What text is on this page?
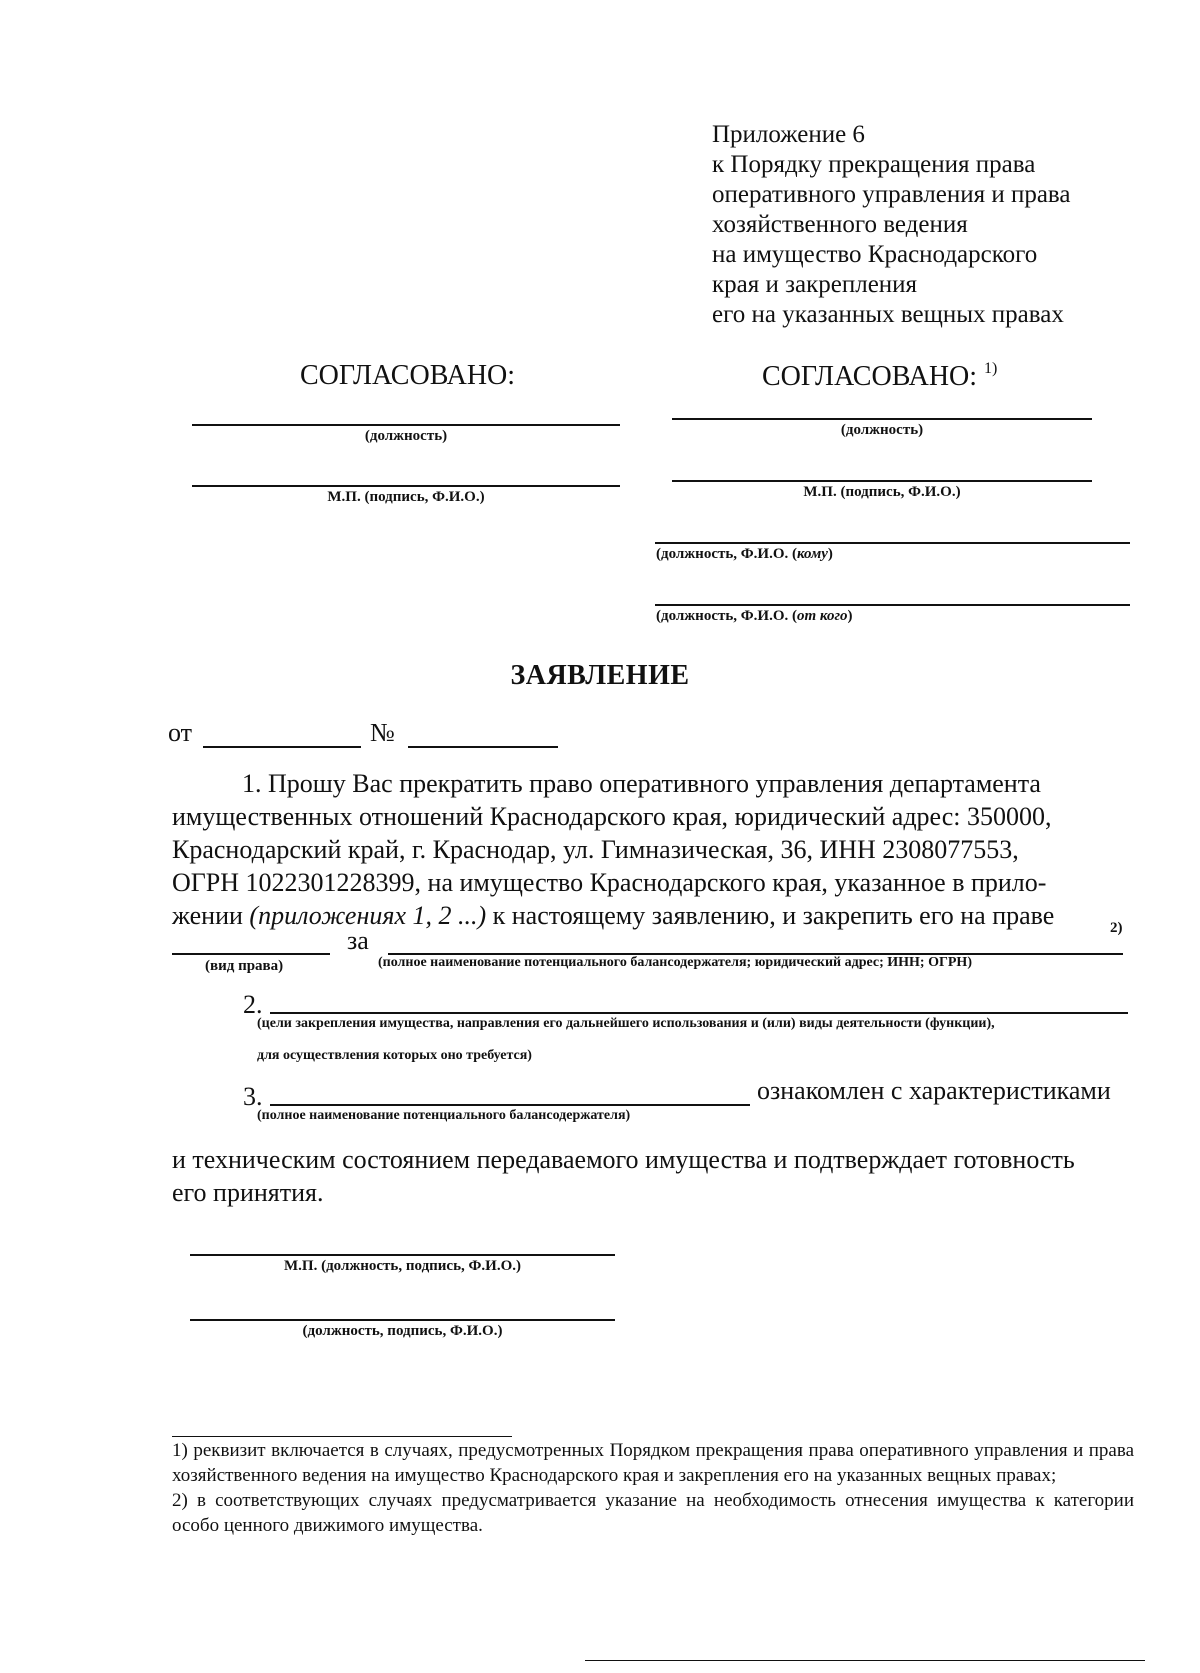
Приложение 6
к Порядку прекращения права
оперативного управления и права
хозяйственного ведения
на имущество Краснодарского
края и закрепления
его на указанных вещных правах
СОГЛАСОВАНО:	СОГЛАСОВАНО: $^{1)}$
(должность)
М.П. (подпись, Ф.И.О.)
(должность)
М.П. (подпись, Ф.И.О.)
(должность, Ф.И.О. (кому)
(должность, Ф.И.О. (от кого)
ЗАЯВЛЕНИЕ
от	№
1. Прошу Вас прекратить право оперативного управления департамента
имущественных отношений Краснодарского края, юридический адрес: 350000,
Краснодарский край, г. Краснодар, ул. Гимназическая, 36, ИНН 2308077553,
ОГРН 1022301228399, на имущество Краснодарского края, указанное в прило-
жении (приложениях 1, 2 ...) к настоящему заявлению, и закрепить его на праве
за	2)
(вид права)	(полное наименование потенциального балансодержателя; юридический адрес; ИНН; ОГРН)
2.
(цели закрепления имущества, направления его дальнейшего использования и (или) виды деятельности (функции),
для осуществления которых оно требуется)
3.	ознакомлен с характеристиками
(полное наименование потенциального балансодержателя)
и техническим состоянием передаваемого имущества и подтверждает готовность
его принятия.
М.П. (должность, подпись, Ф.И.О.)
(должность, подпись, Ф.И.О.)

1) реквизит включается в случаях, предусмотренных Порядком прекращения права оперативного управления и права хозяйственного ведения на имущество Краснодарского края и закрепления его на указанных вещных правах;

2) в соответствующих случаях предусматривается указание на необходимость отнесения имущества к категории особо ценного движимого имущества.
